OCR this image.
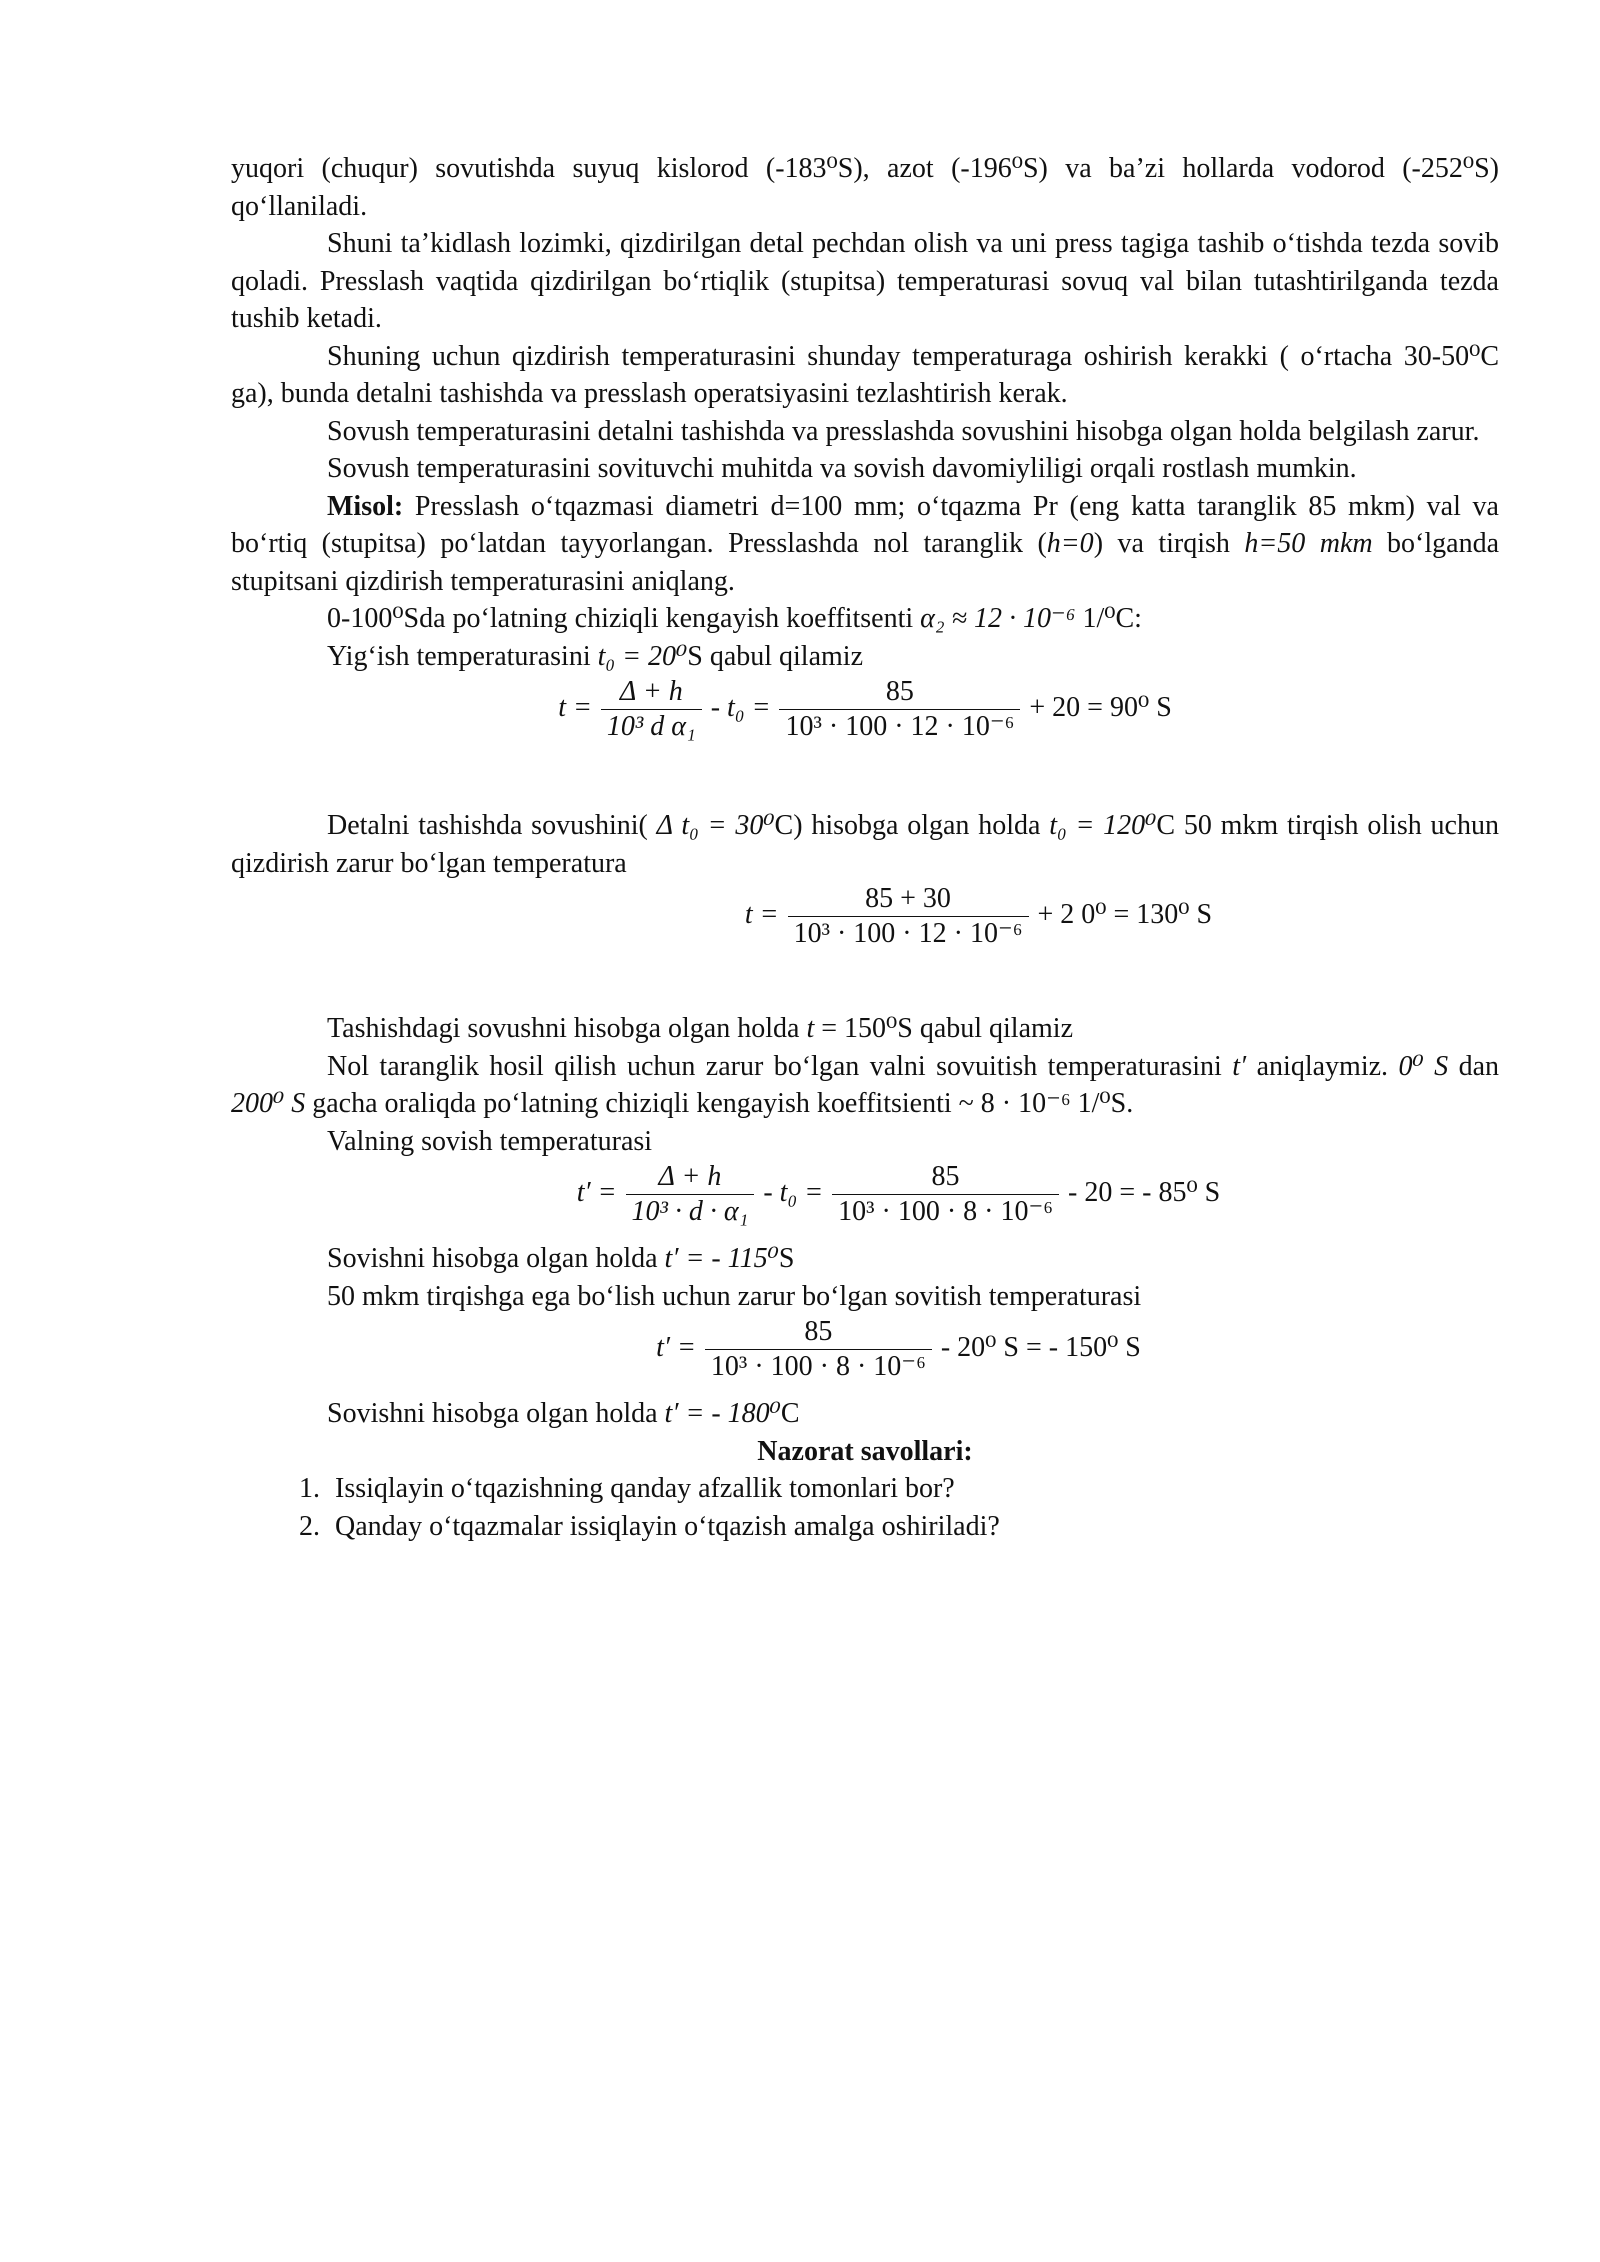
yuqori (chuqur) sovutishda suyuq kislorod (-183⁰S), azot (-196⁰S) va ba’zi hollarda vodorod (-252⁰S) qo‘llaniladi.

Shuni ta’kidlash lozimki, qizdirilgan detal pechdan olish va uni press tagiga tashib o‘tishda tezda sovib qoladi. Presslash vaqtida qizdirilgan bo‘rtiqlik (stupitsa) temperaturasi sovuq val bilan tutashtirilganda tezda tushib ketadi.

Shuning uchun qizdirish temperaturasini shunday temperaturaga oshirish kerakki ( o‘rtacha 30-50⁰C ga), bunda detalni tashishda va presslash operatsiyasini tezlashtirish kerak.

Sovush temperaturasini detalni tashishda va presslashda sovushini hisobga olgan holda belgilash zarur.

Sovush temperaturasini sovituvchi muhitda va sovish davomiyliligi orqali rostlash mumkin.

Misol: Presslash o‘tqazmasi diametri d=100 mm; o‘tqazma Pr (eng katta taranglik 85 mkm) val va bo‘rtiq (stupitsa) po‘latdan tayyorlangan. Presslashda nol taranglik (h=0) va tirqish h=50 mkm bo‘lganda stupitsani qizdirish temperaturasini aniqlang.

0-100⁰Sda po‘latning chiziqli kengayish koeffitsenti α₂ ≈ 12 · 10⁻⁶ 1/⁰C:

Yig‘ish temperaturasini t₀ = 20⁰S qabul qilamiz

$t = \frac{\Delta + h}{\text{10³ d α₁}} - t_0 = \frac{85}{\text{10³ · 100 · 12 · 10⁻⁶}} + 20 = 90^0$ S

Detalni tashishda sovushini( Δ t₀ = 30⁰C) hisobga olgan holda t₀ = 120⁰C 50 mkm tirqish olish uchun qizdirish zarur bo‘lgan temperatura

$t = \frac{85 + 30}{\text{10³ · 100 · 12 · 10⁻⁶}} + 2$ 0⁰ = 130⁰ S

Tashishdagi sovushni hisobga olgan holda t = 150⁰S qabul qilamiz

Nol taranglik hosil qilish uchun zarur bo‘lgan valni sovuitish temperaturasini t′ aniqlaymiz. 0⁰ S dan 200⁰ S gacha oraliqda po‘latning chiziqli kengayish koeffitsienti ~ 8 · 10⁻⁶ 1/⁰S.

Valning sovish temperaturasi

$t' = \frac{\Delta + h}{\text{10³ · d · α₁}} - t_0 = \frac{85}{\text{10³ · 100 · 8 · 10⁻⁶}} - 20$ = - 85⁰ S

Sovishni hisobga olgan holda t′ = - 115⁰S

50 mkm tirqishga ega bo‘lish uchun zarur bo‘lgan sovitish temperaturasi

$t' = \frac{85}{\text{10³ · 100 · 8 · 10⁻⁶}} - 20^0$ S = - 150⁰ S

Sovishni hisobga olgan holda t′ = - 180⁰C

Nazorat savollari:

1. Issiqlayin o‘tqazishning qanday afzallik tomonlari bor?
2. Qanday o‘tqazmalar issiqlayin o‘tqazish amalga oshiriladi?
